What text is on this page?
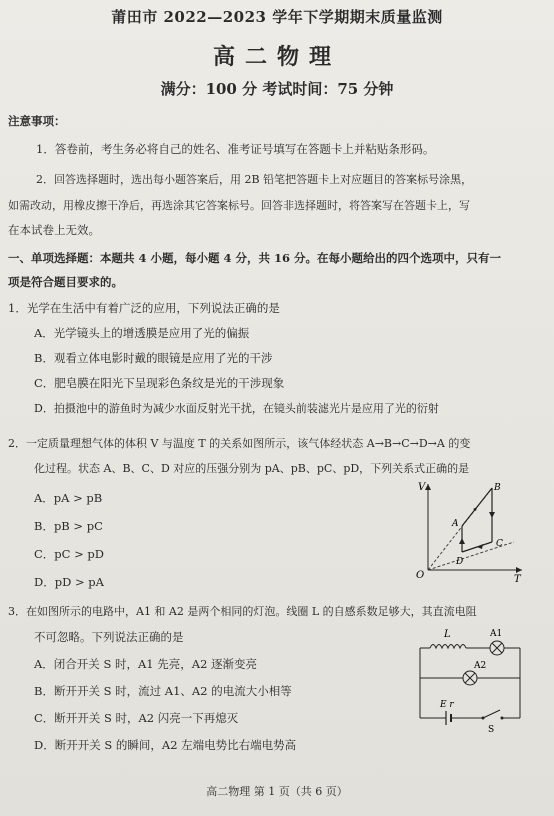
莆田市 2022—2023 学年下学期期末质量监测
高二物理
满分：100 分 考试时间：75 分钟
注意事项：
1．答卷前，考生务必将自己的姓名、准考证号填写在答题卡上并粘贴条形码。
2．回答选择题时，选出每小题答案后，用 2B 铅笔把答题卡上对应题目的答案标号涂黑，
如需改动，用橡皮擦干净后，再选涂其它答案标号。回答非选择题时，将答案写在答题卡上，写
在本试卷上无效。
一、单项选择题：本题共 4 小题，每小题 4 分，共 16 分。在每小题给出的四个选项中，只有一
项是符合题目要求的。
1．光学在生活中有着广泛的应用，下列说法正确的是
A．光学镜头上的增透膜是应用了光的偏振
B．观看立体电影时戴的眼镜是应用了光的干涉
C．肥皂膜在阳光下呈现彩色条纹是光的干涉现象
D．拍摄池中的游鱼时为减少水面反射光干扰，在镜头前装滤光片是应用了光的衍射
2．一定质量理想气体的体积 V 与温度 T 的关系如图所示，该气体经状态 A→B→C→D→A 的变
化过程。状态 A、B、C、D 对应的压强分别为 pA、pB、pC、pD，下列关系式正确的是
A．pA > pB
B．pB > pC
C．pC > pD
D．pD > pA
V
T
O
A
B
C
D
3．在如图所示的电路中，A1 和 A2 是两个相同的灯泡。线圈 L 的自感系数足够大，其直流电阻
不可忽略。下列说法正确的是
A．闭合开关 S 时，A1 先亮，A2 逐渐变亮
B．断开开关 S 时，流过 A1、A2 的电流大小相等
C．断开开关 S 时，A2 闪亮一下再熄灭
D．断开开关 S 的瞬间，A2 左端电势比右端电势高
L	A1
A2
E r
S
高二物理 第 1 页（共 6 页）
